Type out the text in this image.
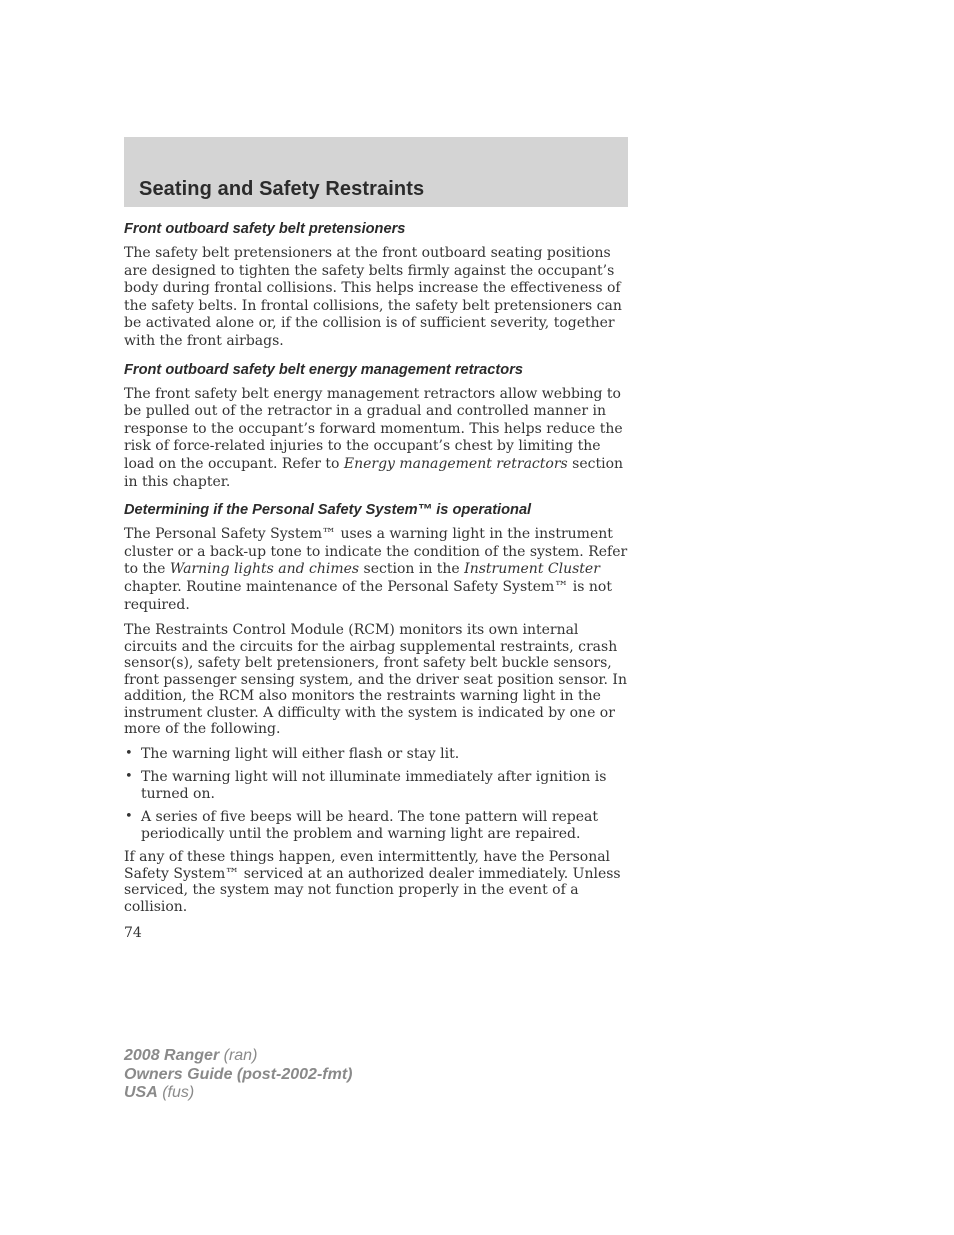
Seating and Safety Restraints
Front outboard safety belt pretensioners

The safety belt pretensioners at the front outboard seating positions are designed to tighten the safety belts firmly against the occupant’s body during frontal collisions. This helps increase the effectiveness of the safety belts. In frontal collisions, the safety belt pretensioners can be activated alone or, if the collision is of sufficient severity, together with the front airbags.

Front outboard safety belt energy management retractors

The front safety belt energy management retractors allow webbing to be pulled out of the retractor in a gradual and controlled manner in response to the occupant’s forward momentum. This helps reduce the risk of force-related injuries to the occupant’s chest by limiting the load on the occupant. Refer to Energy management retractors section in this chapter.

Determining if the Personal Safety System™ is operational

The Personal Safety System™ uses a warning light in the instrument cluster or a back-up tone to indicate the condition of the system. Refer to the Warning lights and chimes section in the Instrument Cluster chapter. Routine maintenance of the Personal Safety System™ is not required.

The Restraints Control Module (RCM) monitors its own internal circuits and the circuits for the airbag supplemental restraints, crash sensor(s), safety belt pretensioners, front safety belt buckle sensors, front passenger sensing system, and the driver seat position sensor. In addition, the RCM also monitors the restraints warning light in the instrument cluster. A difficulty with the system is indicated by one or more of the following.

• The warning light will either flash or stay lit.
• The warning light will not illuminate immediately after ignition is turned on.
• A series of five beeps will be heard. The tone pattern will repeat periodically until the problem and warning light are repaired.

If any of these things happen, even intermittently, have the Personal Safety System™ serviced at an authorized dealer immediately. Unless serviced, the system may not function properly in the event of a collision.

74
2008 Ranger (ran)
Owners Guide (post-2002-fmt)
USA (fus)
